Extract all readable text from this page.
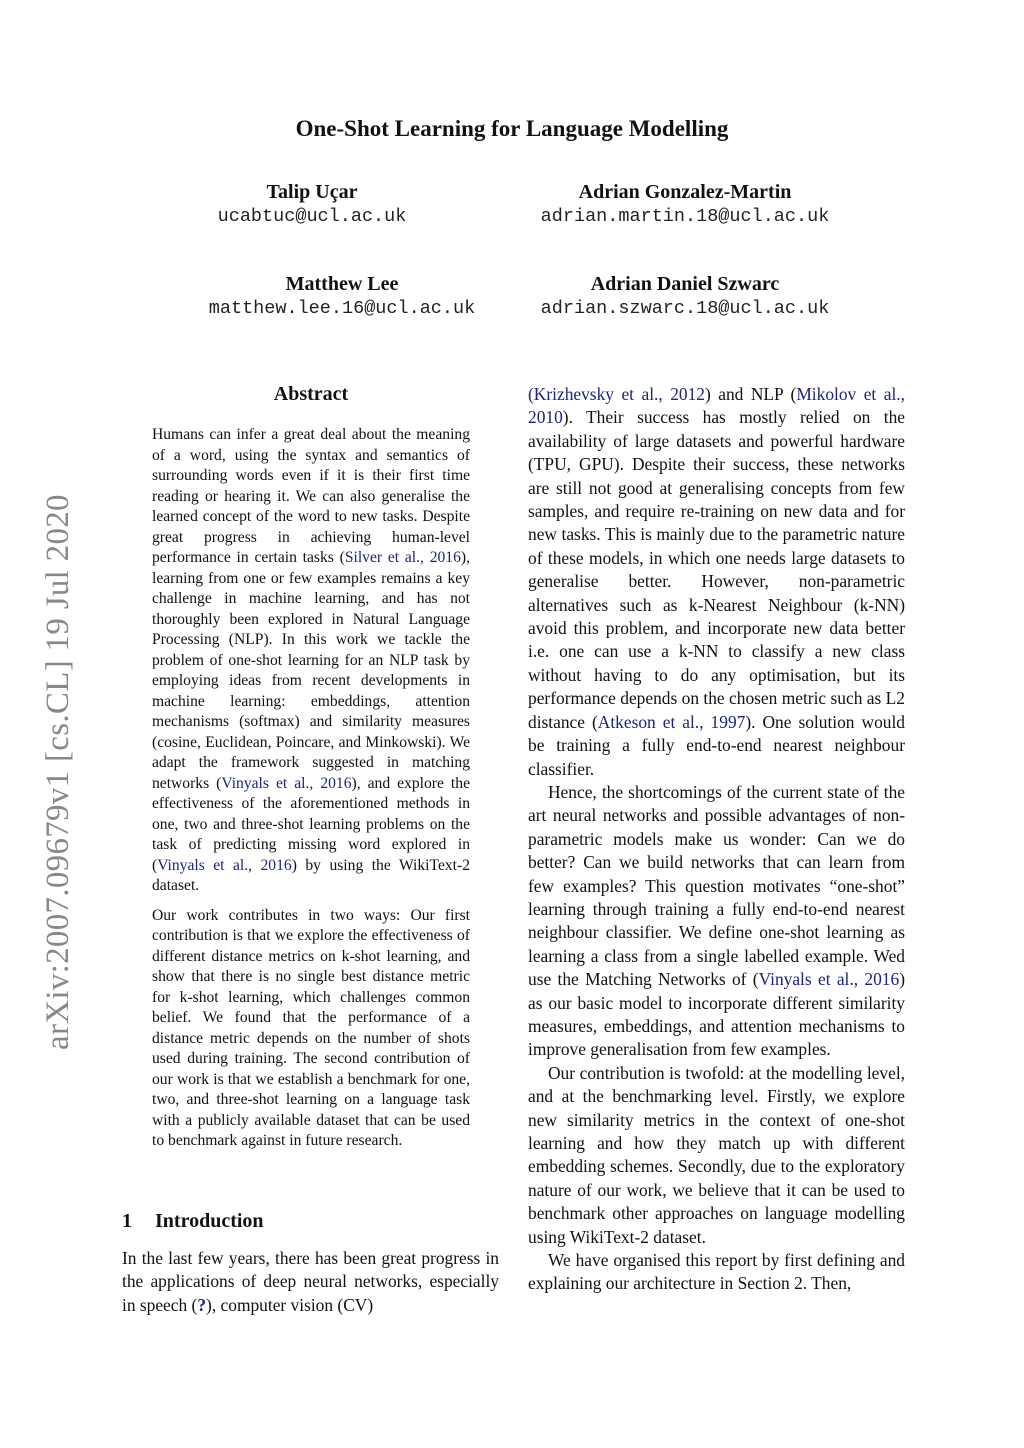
arXiv:2007.09679v1 [cs.CL] 19 Jul 2020
One-Shot Learning for Language Modelling
Talip Uçar
ucabtuc@ucl.ac.uk
Adrian Gonzalez-Martin
adrian.martin.18@ucl.ac.uk
Matthew Lee
matthew.lee.16@ucl.ac.uk
Adrian Daniel Szwarc
adrian.szwarc.18@ucl.ac.uk
Abstract

Humans can infer a great deal about the meaning of a word, using the syntax and semantics of surrounding words even if it is their first time reading or hearing it. We can also generalise the learned concept of the word to new tasks. Despite great progress in achieving human-level performance in certain tasks (Silver et al., 2016), learning from one or few examples remains a key challenge in machine learning, and has not thoroughly been explored in Natural Language Processing (NLP). In this work we tackle the problem of one-shot learning for an NLP task by employing ideas from recent developments in machine learning: embeddings, attention mechanisms (softmax) and similarity measures (cosine, Euclidean, Poincare, and Minkowski). We adapt the framework suggested in matching networks (Vinyals et al., 2016), and explore the effectiveness of the aforementioned methods in one, two and three-shot learning problems on the task of predicting missing word explored in (Vinyals et al., 2016) by using the WikiText-2 dataset.

Our work contributes in two ways: Our first contribution is that we explore the effectiveness of different distance metrics on k-shot learning, and show that there is no single best distance metric for k-shot learning, which challenges common belief. We found that the performance of a distance metric depends on the number of shots used during training. The second contribution of our work is that we establish a benchmark for one, two, and three-shot learning on a language task with a publicly available dataset that can be used to benchmark against in future research.

1 Introduction

In the last few years, there has been great progress in the applications of deep neural networks, especially in speech (?), computer vision (CV)

(Krizhevsky et al., 2012) and NLP (Mikolov et al., 2010). Their success has mostly relied on the availability of large datasets and powerful hardware (TPU, GPU). Despite their success, these networks are still not good at generalising concepts from few samples, and require re-training on new data and for new tasks. This is mainly due to the parametric nature of these models, in which one needs large datasets to generalise better. However, non-parametric alternatives such as k-Nearest Neighbour (k-NN) avoid this problem, and incorporate new data better i.e. one can use a k-NN to classify a new class without having to do any optimisation, but its performance depends on the chosen metric such as L2 distance (Atkeson et al., 1997). One solution would be training a fully end-to-end nearest neighbour classifier.

Hence, the shortcomings of the current state of the art neural networks and possible advantages of non-parametric models make us wonder: Can we do better? Can we build networks that can learn from few examples? This question motivates “one-shot” learning through training a fully end-to-end nearest neighbour classifier. We define one-shot learning as learning a class from a single labelled example. Wed use the Matching Networks of (Vinyals et al., 2016) as our basic model to incorporate different similarity measures, embeddings, and attention mechanisms to improve generalisation from few examples.

Our contribution is twofold: at the modelling level, and at the benchmarking level. Firstly, we explore new similarity metrics in the context of one-shot learning and how they match up with different embedding schemes. Secondly, due to the exploratory nature of our work, we believe that it can be used to benchmark other approaches on language modelling using WikiText-2 dataset.

We have organised this report by first defining and explaining our architecture in Section 2. Then,
